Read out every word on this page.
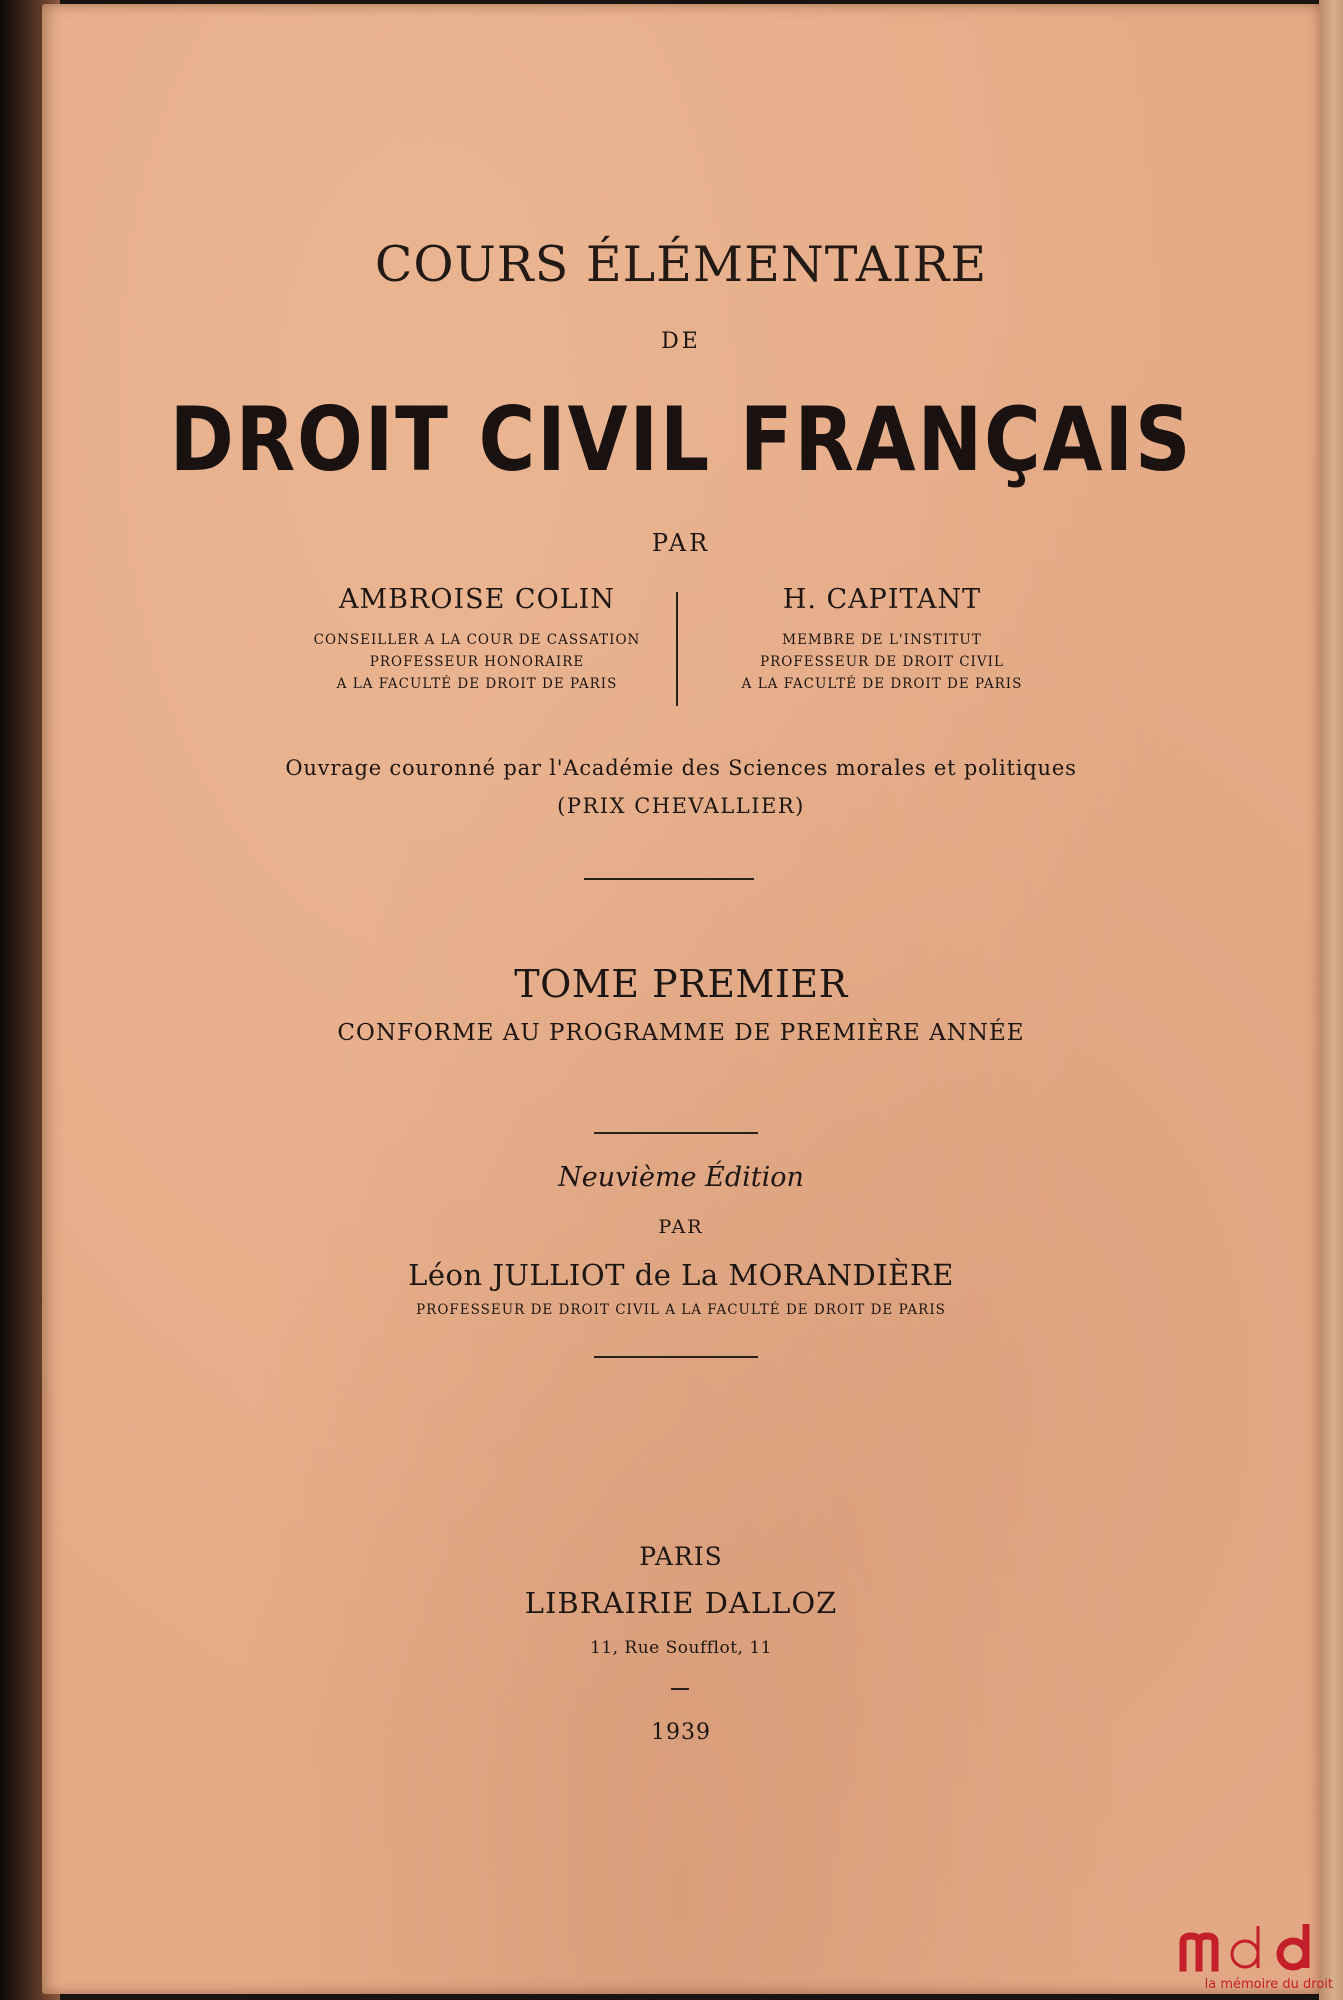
COURS ÉLÉMENTAIRE
DE
DROIT CIVIL FRANÇAIS
PAR
AMBROISE COLIN
CONSEILLER A LA COUR DE CASSATION
PROFESSEUR HONORAIRE
A LA FACULTÉ DE DROIT DE PARIS
H. CAPITANT
MEMBRE DE L'INSTITUT
PROFESSEUR DE DROIT CIVIL
A LA FACULTÉ DE DROIT DE PARIS
Ouvrage couronné par l'Académie des Sciences morales et politiques
(PRIX CHEVALLIER)
TOME PREMIER
CONFORME AU PROGRAMME DE PREMIÈRE ANNÉE
Neuvième Édition
PAR
Léon JULLIOT de La MORANDIÈRE
PROFESSEUR DE DROIT CIVIL A LA FACULTÉ DE DROIT DE PARIS
PARIS
LIBRAIRIE DALLOZ
11, Rue Soufflot, 11
1939
la mémoire du droit
